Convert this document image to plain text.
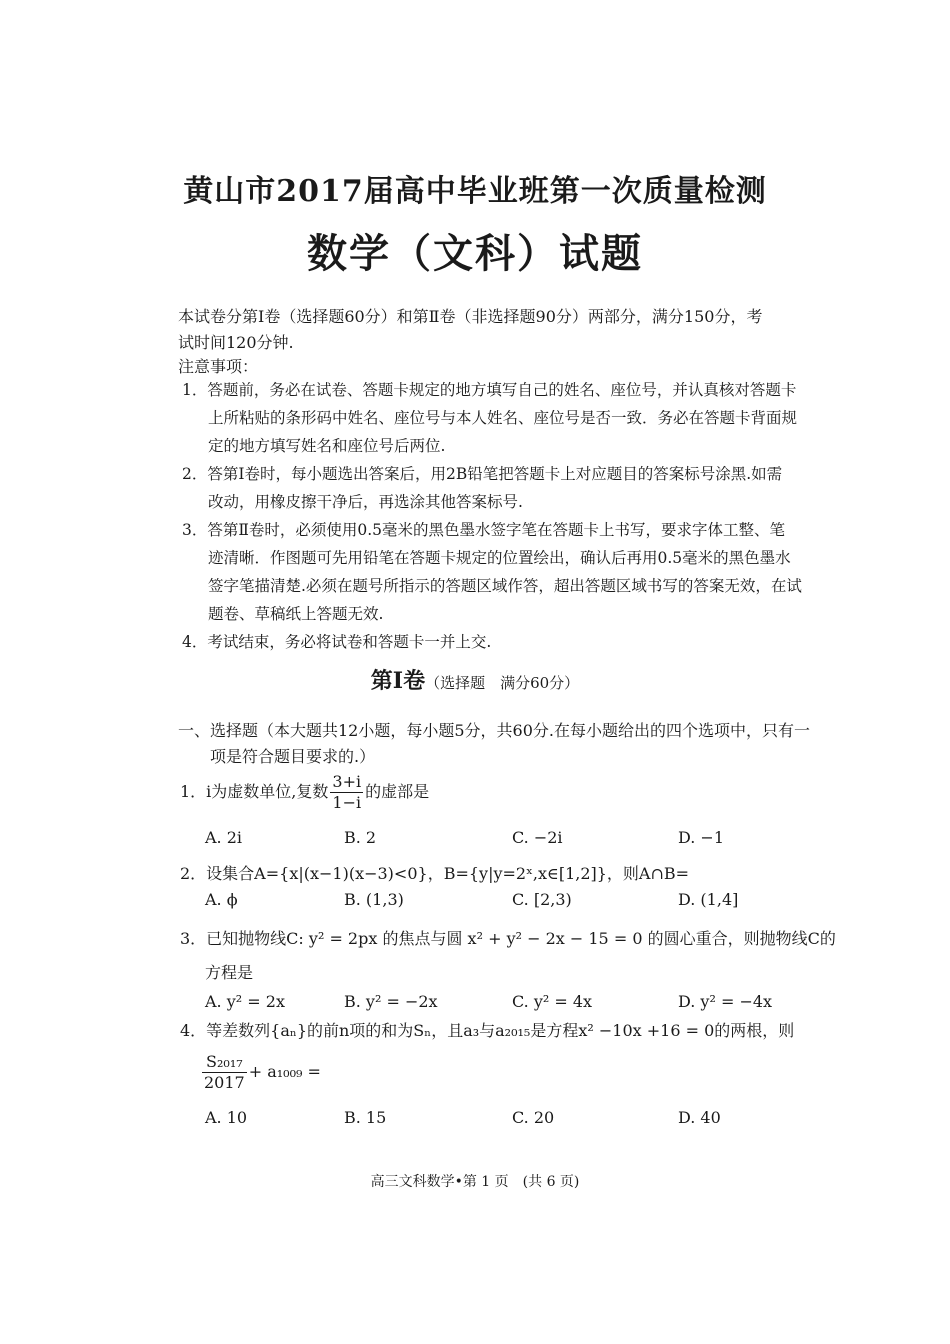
黄山市2017届高中毕业班第一次质量检测
数学（文科）试题
本试卷分第Ⅰ卷（选择题60分）和第Ⅱ卷（非选择题90分）两部分，满分150分，考
试时间120分钟.
注意事项：
1．答题前，务必在试卷、答题卡规定的地方填写自己的姓名、座位号，并认真核对答题卡
上所粘贴的条形码中姓名、座位号与本人姓名、座位号是否一致．务必在答题卡背面规
定的地方填写姓名和座位号后两位.
2．答第Ⅰ卷时，每小题选出答案后，用2B铅笔把答题卡上对应题目的答案标号涂黑.如需
改动，用橡皮擦干净后，再选涂其他答案标号.
3．答第Ⅱ卷时，必须使用0.5毫米的黑色墨水签字笔在答题卡上书写，要求字体工整、笔
迹清晰．作图题可先用铅笔在答题卡规定的位置绘出，确认后再用0.5毫米的黑色墨水
签字笔描清楚.必须在题号所指示的答题区域作答，超出答题区域书写的答案无效，在试
题卷、草稿纸上答题无效.
4．考试结束，务必将试卷和答题卡一并上交.
第Ⅰ卷（选择题　满分60分）
一、选择题（本大题共12小题，每小题5分，共60分.在每小题给出的四个选项中，只有一
项是符合题目要求的.）
1．i为虚数单位,复数 $\frac{3+i}{1-i}$ 的虚部是
A. 2i	B. 2	C. −2i	D. −1
2．设集合A={x|(x−1)(x−3)<0}，B={y|y=2ˣ,x∈[1,2]}，则A∩B=
A. ϕ	B. (1,3)	C. [2,3)	D. (1,4]
3．已知抛物线C: y² = 2px 的焦点与圆 x² + y² − 2x − 15 = 0 的圆心重合，则抛物线C的
方程是
A. y² = 2x	B. y² = −2x	C. y² = 4x	D. y² = −4x
4．等差数列{aₙ}的前n项的和为Sₙ，且a₃与a₂₀₁₅是方程x² −10x +16 = 0的两根，则
$\frac{\text{S₂₀₁₇}}{2017} + a_{1009}$ =
A. 10	B. 15	C. 20	D. 40
高三文科数学•第 1 页　(共 6 页)
